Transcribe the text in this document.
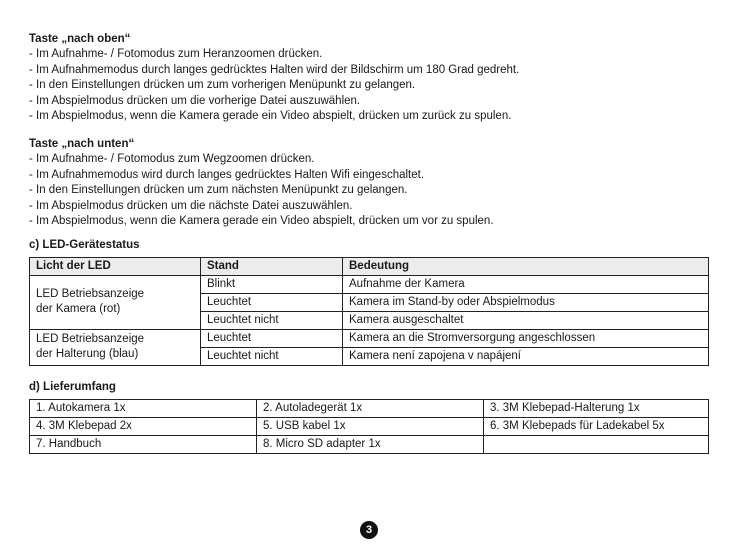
Taste „nach oben“
- Im Aufnahme- / Fotomodus zum Heranzoomen drücken.
- Im Aufnahmemodus durch langes gedrücktes Halten wird der Bildschirm um 180 Grad gedreht.
- In den Einstellungen drücken um zum vorherigen Menüpunkt zu gelangen.
- Im Abspielmodus drücken um die vorherige Datei auszuwählen.
- Im Abspielmodus, wenn die Kamera gerade ein Video abspielt, drücken um zurück zu spulen.
Taste „nach unten“
- Im Aufnahme- / Fotomodus zum Wegzoomen drücken.
- Im Aufnahmemodus wird durch langes gedrücktes Halten Wifi eingeschaltet.
- In den Einstellungen drücken um zum nächsten Menüpunkt zu gelangen.
- Im Abspielmodus drücken um die nächste Datei auszuwählen.
- Im Abspielmodus, wenn die Kamera gerade ein Video abspielt, drücken um vor zu spulen.
c) LED-Gerätestatus
Licht der LED	Stand	Bedeutung

LED Betriebsanzeige
der Kamera (rot)	Blinkt	Aufnahme der Kamera
	Leuchtet	Kamera im Stand-by oder Abspielmodus
	Leuchtet nicht	Kamera ausgeschaltet

LED Betriebsanzeige
der Halterung (blau)	Leuchtet	Kamera an die Stromversorgung angeschlossen
	Leuchtet nicht	Kamera není zapojena v napájení
d) Lieferumfang
1. Autokamera 1x	2. Autoladegerät 1x	3. 3M Klebepad-Halterung 1x
4. 3M Klebepad 2x	5. USB kabel 1x	6. 3M Klebepads für Ladekabel 5x
7. Handbuch	8. Micro SD adapter 1x	
3
